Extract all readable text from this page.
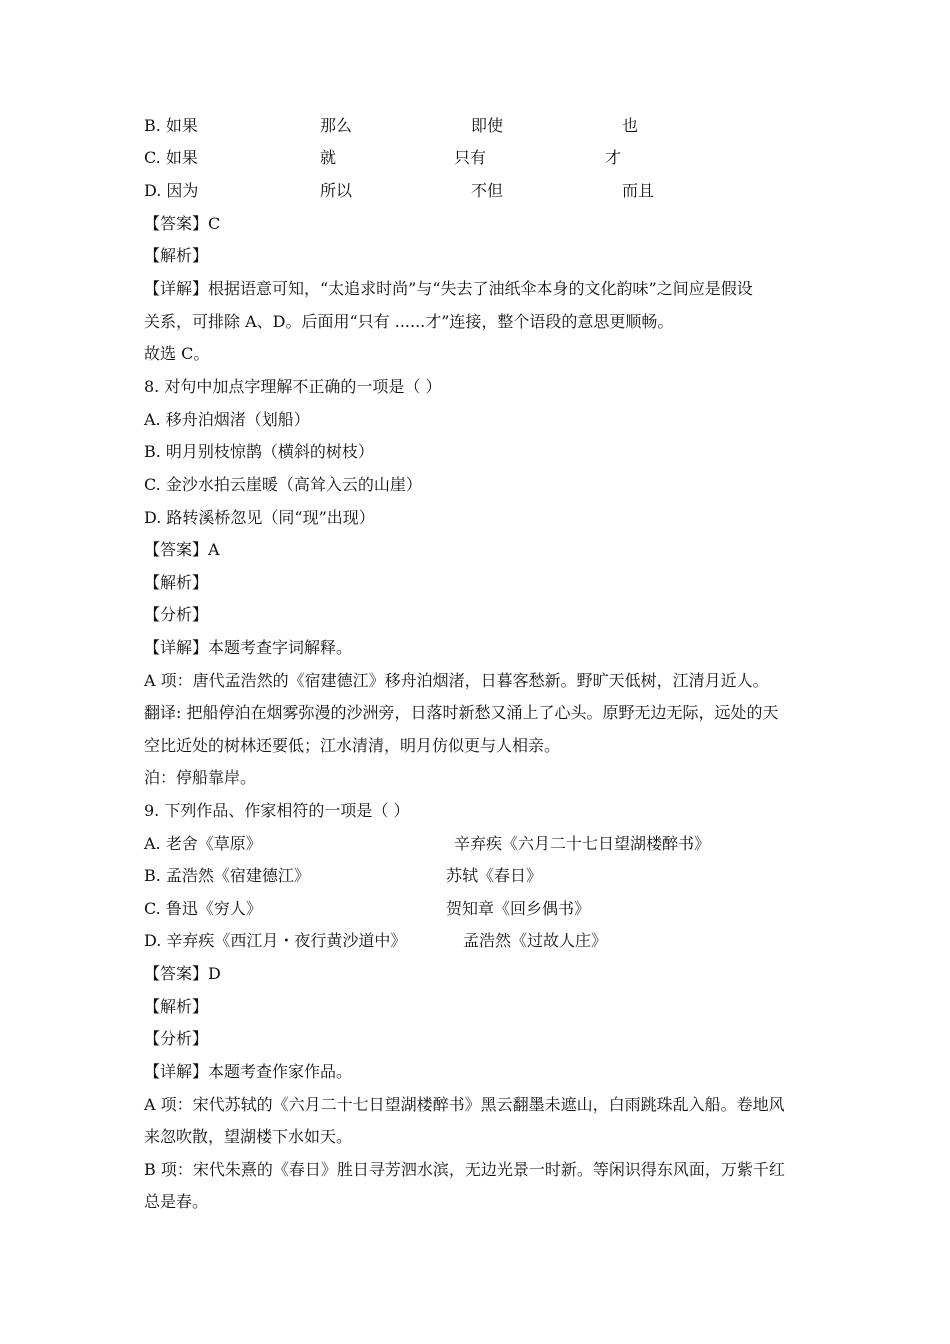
B. 如果	那么	即使	也
C. 如果	就	只有	才
D. 因为	所以	不但	而且
【答案】C
【解析】
【详解】根据语意可知，“太追求时尚”与“失去了油纸伞本身的文化韵味”之间应是假设
关系，可排除 A、D。后面用“只有 ......才”连接，整个语段的意思更顺畅。
故选 C。
8. 对句中加点字理解不正确的一项是（ ）
A. 移舟泊烟渚（划船）
B. 明月别枝惊鹊（横斜的树枝）
C. 金沙水拍云崖暖（高耸入云的山崖）
D. 路转溪桥忽见（同“现”出现）
【答案】A
【解析】
【分析】
【详解】本题考查字词解释。
A 项：唐代孟浩然的《宿建德江》移舟泊烟渚，日暮客愁新。野旷天低树，江清月近人。
翻译: 把船停泊在烟雾弥漫的沙洲旁，日落时新愁又涌上了心头。原野无边无际，远处的天
空比近处的树林还要低；江水清清，明月仿似更与人相亲。
泊：停船靠岸。
9. 下列作品、作家相符的一项是（ ）
A. 老舍《草原》	辛弃疾《六月二十七日望湖楼醉书》
B. 孟浩然《宿建德江》	苏轼《春日》
C. 鲁迅《穷人》	贺知章《回乡偶书》
D. 辛弃疾《西江月・夜行黄沙道中》	孟浩然《过故人庄》
【答案】D
【解析】
【分析】
【详解】本题考查作家作品。
A 项：宋代苏轼的《六月二十七日望湖楼醉书》黑云翻墨未遮山，白雨跳珠乱入船。卷地风
来忽吹散，望湖楼下水如天。
B 项：宋代朱熹的《春日》胜日寻芳泗水滨，无边光景一时新。等闲识得东风面，万紫千红
总是春。
